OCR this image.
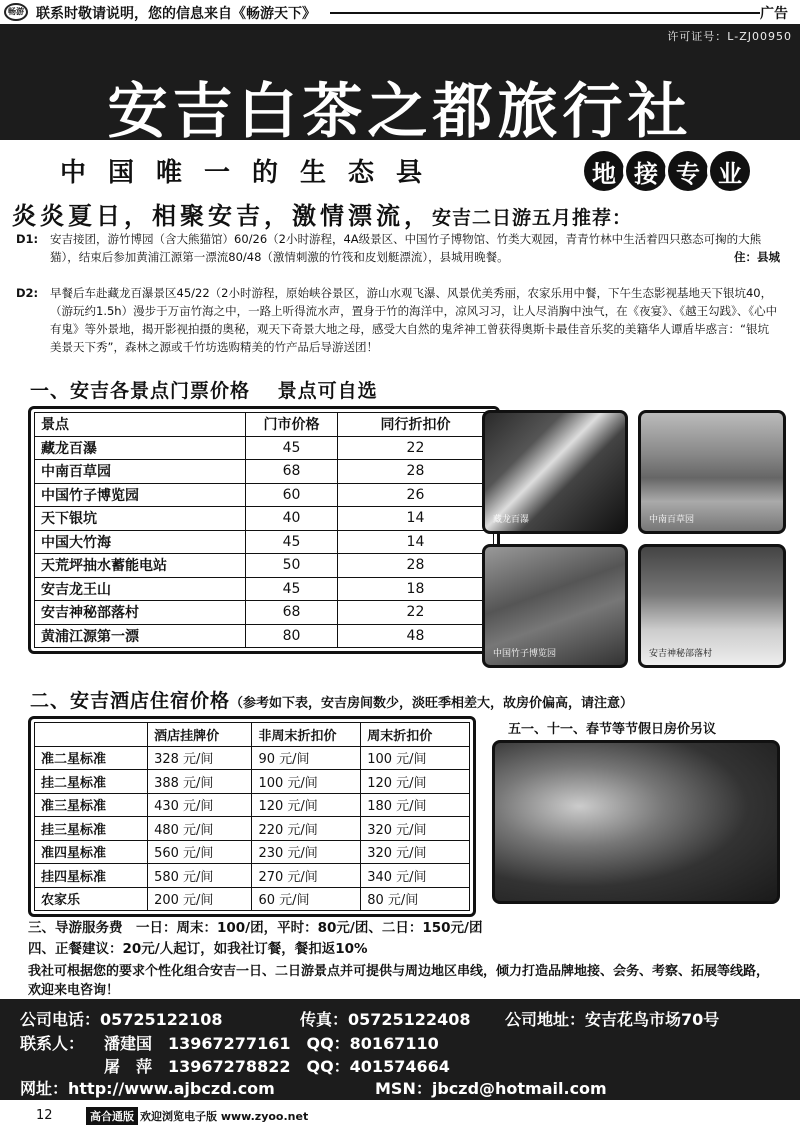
畅游 联系时敬请说明，您的信息来自《畅游天下》	广告
许可证号：L-ZJ00950
安吉白茶之都旅行社
中国唯一的生态县	地 接 专 业
炎炎夏日，相聚安吉，激情漂流，安吉二日游五月推荐：
D1: 安吉接团，游竹博园（含大熊猫馆）60/26（2小时游程，4A级景区、中国竹子博物馆、竹类大观园，青青竹林中生活着四只憨态可掬的大熊猫），结束后参加黄浦江源第一漂流80/48（激情刺激的竹筏和皮划艇漂流），县城用晚餐。	住：县城

D2: 早餐后车赴藏龙百瀑景区45/22（2小时游程，原始峡谷景区，游山水观飞瀑、风景优美秀丽，农家乐用中餐，下午生态影视基地天下银坑40，（游玩约1.5h）漫步于万亩竹海之中，一路上听得流水声，置身于竹的海洋中，凉风习习，让人尽消胸中浊气，在《夜宴》、《越王勾践》、《心中有鬼》等外景地，揭开影视拍摄的奥秘，观天下奇景大地之母，感受大自然的鬼斧神工曾获得奥斯卡最佳音乐奖的美籍华人谭盾毕惑言：“银坑美景天下秀”，森林之源或千竹坊选购精美的竹产品后导游送团！

一、安吉各景点门票价格　 景点可自选
景点	门市价格	同行折扣价
藏龙百瀑	45	22
中南百草园	68	28
中国竹子博览园	60	26
天下银坑	40	14
中国大竹海	45	14
天荒坪抽水蓄能电站	50	28
安吉龙王山	45	18
安吉神秘部落村	68	22
黄浦江源第一漂	80	48
藏龙百瀑	中南百草园
中国竹子博览园	安吉神秘部落村
二、安吉酒店住宿价格（参考如下表，安吉房间数少，淡旺季相差大，故房价偏高，请注意）
	酒店挂牌价	非周末折扣价	周末折扣价
准二星标准	328 元/间	90 元/间	100 元/间
挂二星标准	388 元/间	100 元/间	120 元/间
准三星标准	430 元/间	120 元/间	180 元/间
挂三星标准	480 元/间	220 元/间	320 元/间
准四星标准	560 元/间	230 元/间	320 元/间
挂四星标准	580 元/间	270 元/间	340 元/间
农家乐	200 元/间	60 元/间	80 元/间
五一、十一、春节等节假日房价另议
三、导游服务费　一日：周末：100/团，平时：80元/团、二日：150元/团
四、正餐建议：20元/人起订，如我社订餐，餐扣返10%
我社可根据您的要求个性化组合安吉一日、二日游景点并可提供与周边地区串线，倾力打造品牌地接、会务、考察、拓展等线路，欢迎来电咨询！
公司电话：05725122108	传真：05725122408 公司地址：安吉花鸟市场70号
联系人： 潘建国　13967277161　QQ：80167110
屠　萍　13967278822　QQ：401574664
网址：http://www.ajbczd.com	MSN：jbczd@hotmail.com
12	高合通版 欢迎浏览电子版 www.zyoo.net
